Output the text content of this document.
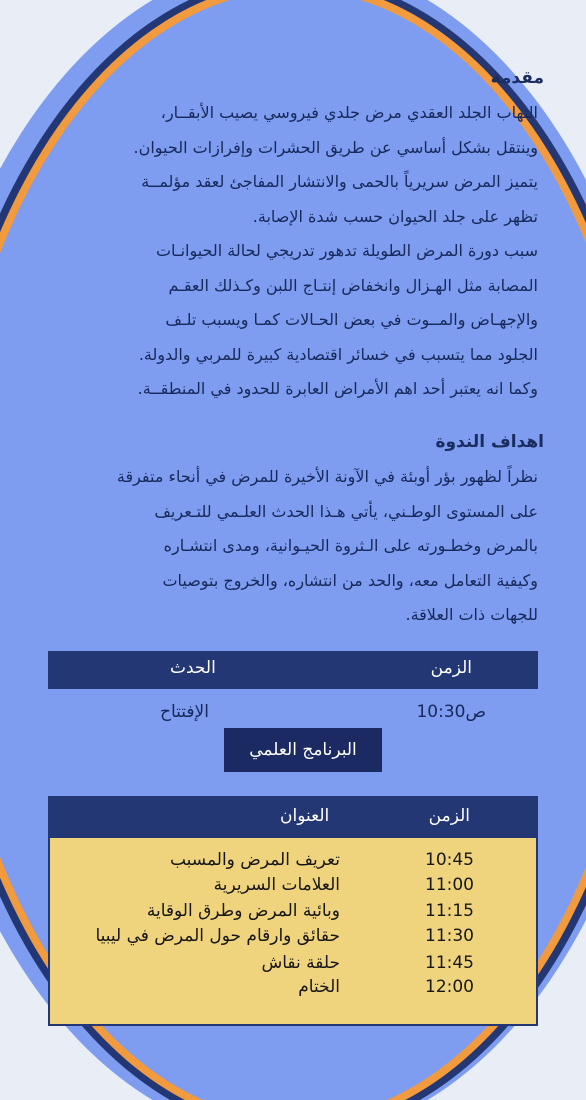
مقدمة

التهاب الجلد العقدي مرض جلدي فيروسي يصيب الأبقــار،

وينتقل بشكل أساسي عن طريق الحشرات وإفرازات الحيوان.

يتميز المرض سريرياً بالحمى والانتشار المفاجئ لعقد مؤلمــة

تظهر على جلد الحيوان حسب شدة الإصابة.

سبب دورة المرض الطويلة تدهور تدريجي لحالة الحيوانـات

المصابة مثل الهـزال وانخفاض إنتـاج اللبن وكـذلك العقـم

والإجهـاض والمــوت في بعض الحـالات كمـا ويسبب تلـف

الجلود مما يتسبب في خسائر اقتصادية كبيرة للمربي والدولة.

وكما انه يعتبر أحد اهم الأمراض العابرة للحدود في المنطقــة.

اهداف الندوة

نظراً لظهور بؤر أوبئة في الآونة الأخيرة للمرض في أنحاء متفرقة

على المستوى الوطـني، يأتي هـذا الحدث العلـمي للتـعريف

بالمرض وخطـورته على الـثروة الحيـوانية، ومدى انتشـاره

وكيفية التعامل معه، والحد من انتشاره، والخروج بتوصيات

للجهات ذات العلاقة.

الزمن
الحدث
10:30ص
الإفتتاح
البرنامج العلمي
الزمن
العنوان
10:45
تعريف المرض والمسبب
11:00
العلامات السريرية
11:15
وبائية المرض وطرق الوقاية
11:30
حقائق وارقام حول المرض في ليبيا
11:45
حلقة نقاش
12:00
الختام
